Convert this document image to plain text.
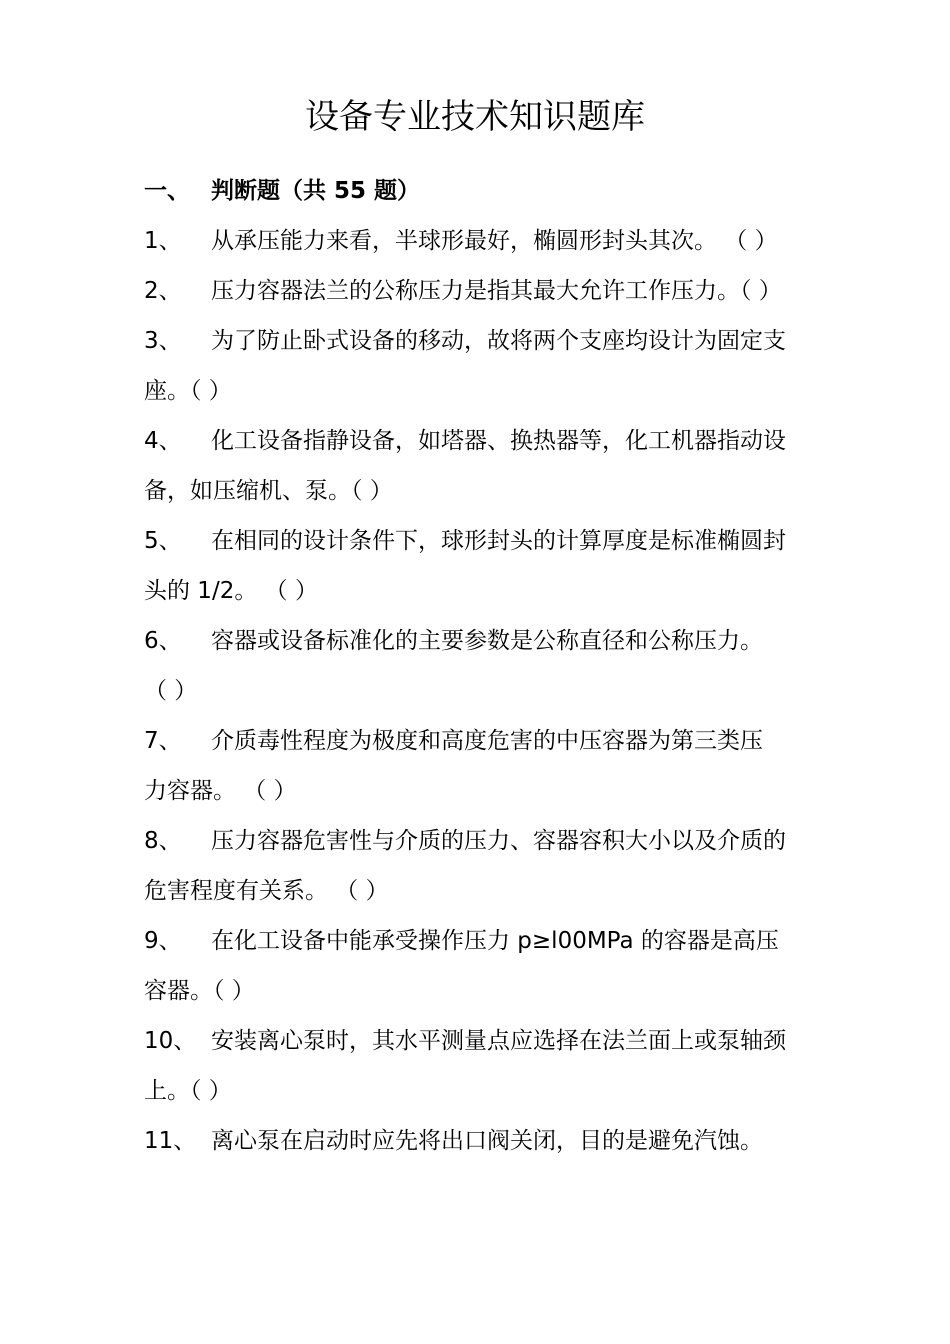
设备专业技术知识题库
一、 判断题（共 55 题）
1、 从承压能力来看，半球形最好，椭圆形封头其次。 （ ）
2、 压力容器法兰的公称压力是指其最大允许工作压力。（ ）
3、 为了防止卧式设备的移动，故将两个支座均设计为固定支
座。（ ）
4、 化工设备指静设备，如塔器、换热器等，化工机器指动设
备，如压缩机、泵。（ ）
5、 在相同的设计条件下，球形封头的计算厚度是标准椭圆封
头的 1/2。 （ ）
6、 容器或设备标准化的主要参数是公称直径和公称压力。
（ ）
7、 介质毒性程度为极度和高度危害的中压容器为第三类压
力容器。 （ ）
8、 压力容器危害性与介质的压力、容器容积大小以及介质的
危害程度有关系。 （ ）
9、 在化工设备中能承受操作压力 p≥l00MPa 的容器是高压
容器。（ ）
10、 安装离心泵时，其水平测量点应选择在法兰面上或泵轴颈
上。（ ）
11、 离心泵在启动时应先将出口阀关闭，目的是避免汽蚀。
